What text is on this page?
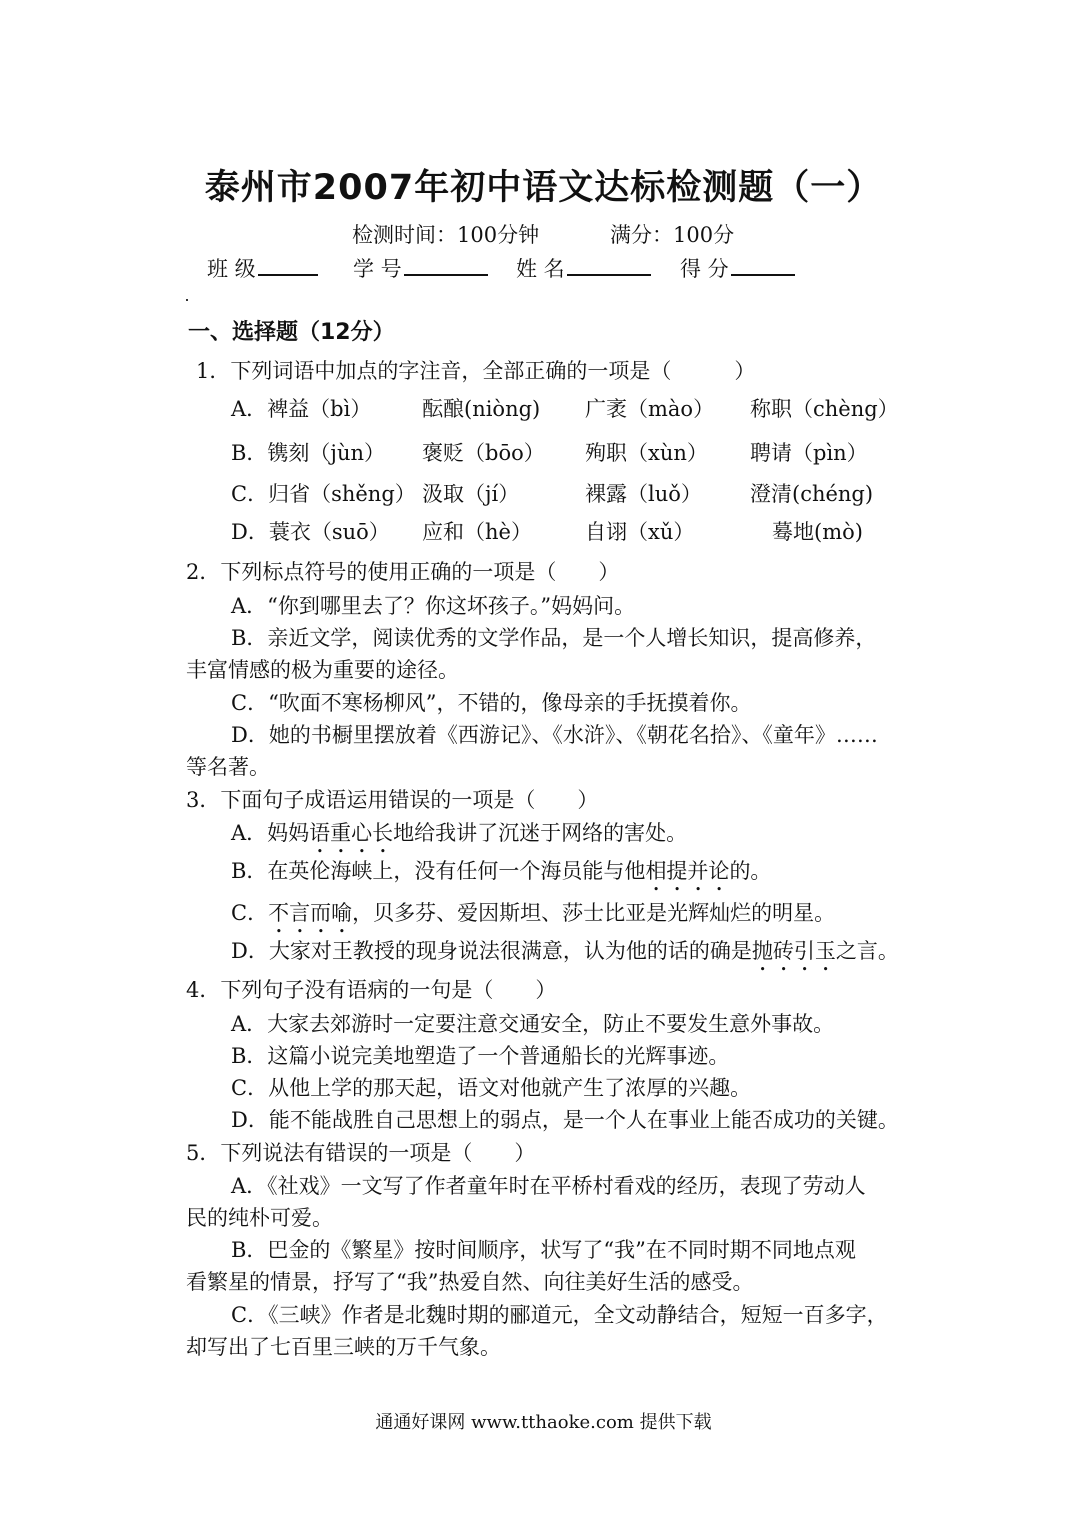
泰州市2007年初中语文达标检测题（一）
检测时间：100分钟	满分：100分
班 级	学 号	姓 名	得 分
一、选择题（12分）
1．下列词语中加点的字注音，全部正确的一项是（　　　）
A．裨益（bì） 酝酿(niòng) 广袤（mào） 称职（chèng）
B．镌刻（jùn） 褒贬（bōo） 殉职（xùn） 聘请（pìn）
C．归省（shěng） 汲取（jí）	裸露（luǒ） 澄清(chéng)
D．蓑衣（suō） 应和（hè）	自诩（xǔ）	蓦地(mò)
2．下列标点符号的使用正确的一项是（　　）
A．“你到哪里去了？你这坏孩子。”妈妈问。
B．亲近文学，阅读优秀的文学作品，是一个人增长知识，提高修养，
丰富情感的极为重要的途径。
C．“吹面不寒杨柳风”，不错的，像母亲的手抚摸着你。
D．她的书橱里摆放着《西游记》、《水浒》、《朝花名拾》、《童年》……
等名著。
3．下面句子成语运用错误的一项是（　　）
A．妈妈语重心长地给我讲了沉迷于网络的害处。
B．在英伦海峡上，没有任何一个海员能与他相提并论的。
C．不言而喻，贝多芬、爱因斯坦、莎士比亚是光辉灿烂的明星。
D．大家对王教授的现身说法很满意，认为他的话的确是抛砖引玉之言。
4．下列句子没有语病的一句是（　　）
A．大家去郊游时一定要注意交通安全，防止不要发生意外事故。
B．这篇小说完美地塑造了一个普通船长的光辉事迹。
C．从他上学的那天起，语文对他就产生了浓厚的兴趣。
D．能不能战胜自己思想上的弱点，是一个人在事业上能否成功的关键。
5．下列说法有错误的一项是（　　）
A．《社戏》一文写了作者童年时在平桥村看戏的经历，表现了劳动人
民的纯朴可爱。
B．巴金的《繁星》按时间顺序，状写了“我”在不同时期不同地点观
看繁星的情景，抒写了“我”热爱自然、向往美好生活的感受。
C．《三峡》作者是北魏时期的郦道元，全文动静结合，短短一百多字，
却写出了七百里三峡的万千气象。
通通好课网 www.tthaoke.com 提供下载
